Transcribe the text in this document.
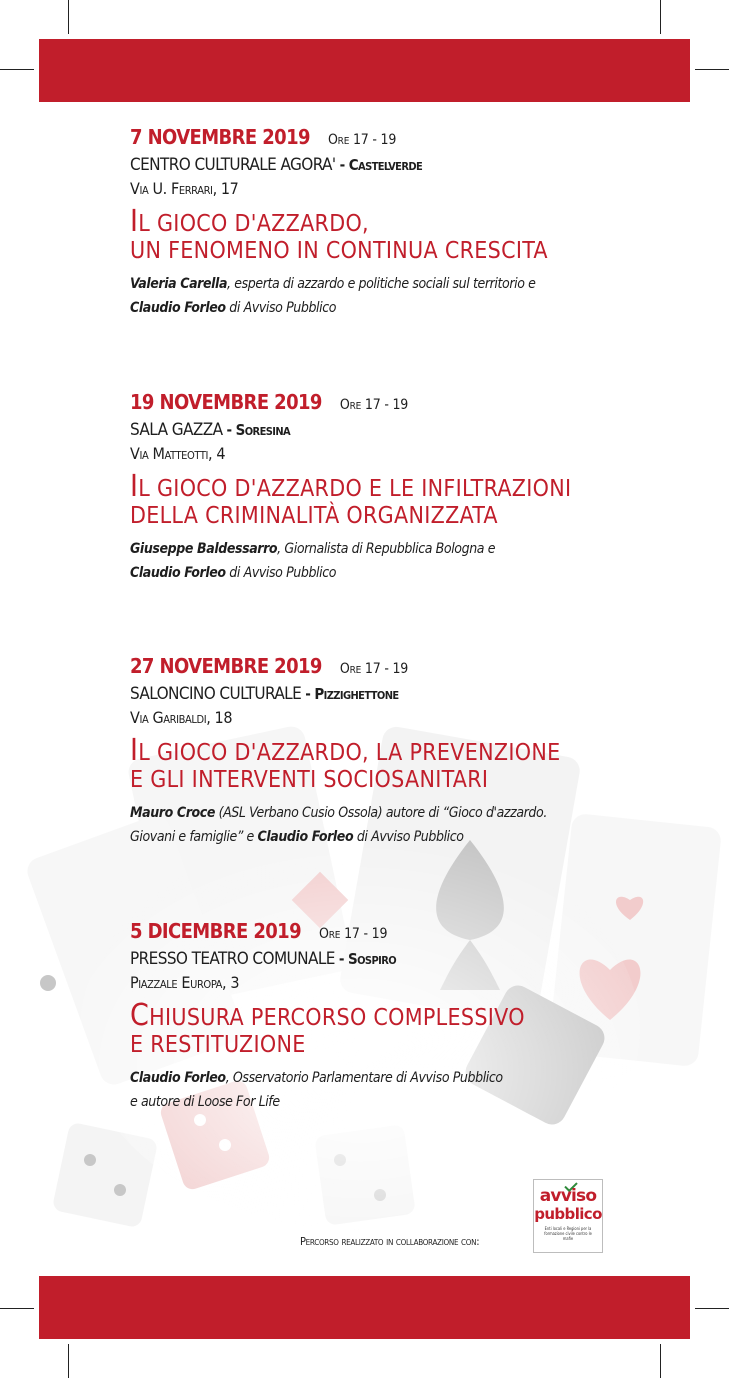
7 NOVEMBRE 2019 Ore 17 - 19
CENTRO CULTURALE AGORA' - Castelverde
Via U. Ferrari, 17
IL GIOCO D'AZZARDO,
UN FENOMENO IN CONTINUA CRESCITA
Valeria Carella, esperta di azzardo e politiche sociali sul territorio e
Claudio Forleo di Avviso Pubblico
19 NOVEMBRE 2019 Ore 17 - 19
SALA GAZZA - Soresina
Via Matteotti, 4
IL GIOCO D'AZZARDO E LE INFILTRAZIONI
DELLA CRIMINALITÀ ORGANIZZATA
Giuseppe Baldessarro, Giornalista di Repubblica Bologna e
Claudio Forleo di Avviso Pubblico
27 NOVEMBRE 2019 Ore 17 - 19
SALONCINO CULTURALE - Pizzighettone
Via Garibaldi, 18
IL GIOCO D'AZZARDO, LA PREVENZIONE
E GLI INTERVENTI SOCIOSANITARI
Mauro Croce (ASL Verbano Cusio Ossola) autore di “Gioco d'azzardo.
Giovani e famiglie” e Claudio Forleo di Avviso Pubblico
5 DICEMBRE 2019 Ore 17 - 19
PRESSO TEATRO COMUNALE - Sospiro
Piazzale Europa, 3
CHIUSURA PERCORSO COMPLESSIVO
E RESTITUZIONE
Claudio Forleo, Osservatorio Parlamentare di Avviso Pubblico
e autore di Loose For Life
Percorso realizzato in collaborazione con:
avviso
pubblico
Enti locali e Regioni per la formazione civile contro le mafie
